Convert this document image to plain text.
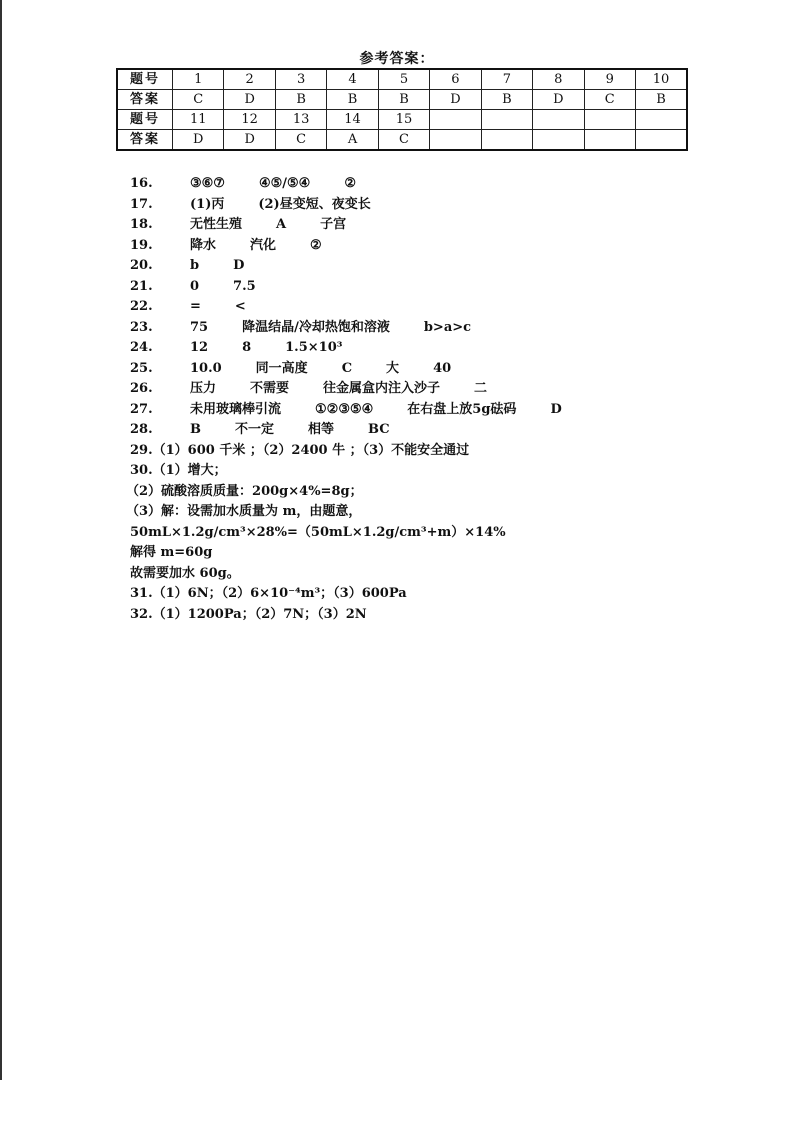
参考答案：
题号	1	2	3	4	5	6	7	8	9	10
答案	C	D	B	B	B	D	B	D	C	B
题号	11	12	13	14	15					
答案	D	D	C	A	C					
16.	③⑥⑦	④⑤/⑤④	②
17.	(1)丙	(2)昼变短、夜变长
18.	无性生殖	A	子宫
19.	降水	汽化	②
20.	b	D
21.	0	7.5
22.	=	<
23.	75	降温结晶/冷却热饱和溶液	b>a>c
24.	12	8	1.5×10³
25.	10.0	同一高度	C	大	40
26.	压力	不需要	往金属盒内注入沙子	二
27.	未用玻璃棒引流	①②③⑤④	在右盘上放5g砝码	D
28.	B	不一定	相等	BC
29.（1）600 千米 ；（2）2400 牛 ；（3）不能安全通过
30.（1）增大；
（2）硫酸溶质质量：200g×4%=8g；
（3）解：设需加水质量为 m，由题意，
50mL×1.2g/cm³×28%=（50mL×1.2g/cm³+m）×14%
解得 m=60g
故需要加水 60g。
31.（1）6N；（2）6×10⁻⁴m³；（3）600Pa
32.（1）1200Pa；（2）7N；（3）2N
